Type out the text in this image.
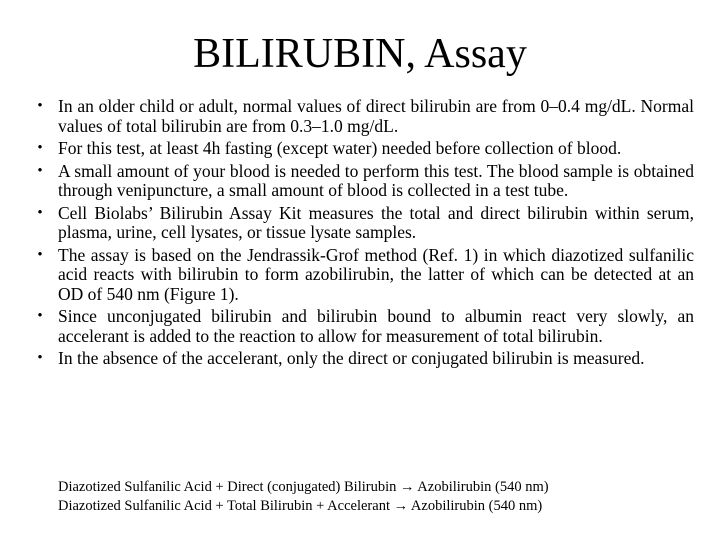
BILIRUBIN, Assay
• In an older child or adult, normal values of direct bilirubin are from 0–0.4 mg/dL. Normal values of total bilirubin are from 0.3–1.0 mg/dL.
• For this test, at least 4h fasting (except water) needed before collection of blood.
• A small amount of your blood is needed to perform this test. The blood sample is obtained through venipuncture, a small amount of blood is collected in a test tube.
• Cell Biolabs’ Bilirubin Assay Kit measures the total and direct bilirubin within serum, plasma, urine, cell lysates, or tissue lysate samples.
• The assay is based on the Jendrassik-Grof method (Ref. 1) in which diazotized sulfanilic acid reacts with bilirubin to form azobilirubin, the latter of which can be detected at an OD of 540 nm (Figure 1).
• Since unconjugated bilirubin and bilirubin bound to albumin react very slowly, an accelerant is added to the reaction to allow for measurement of total bilirubin.
• In the absence of the accelerant, only the direct or conjugated bilirubin is measured.
Diazotized Sulfanilic Acid + Direct (conjugated) Bilirubin → Azobilirubin (540 nm)
Diazotized Sulfanilic Acid + Total Bilirubin + Accelerant → Azobilirubin (540 nm)
